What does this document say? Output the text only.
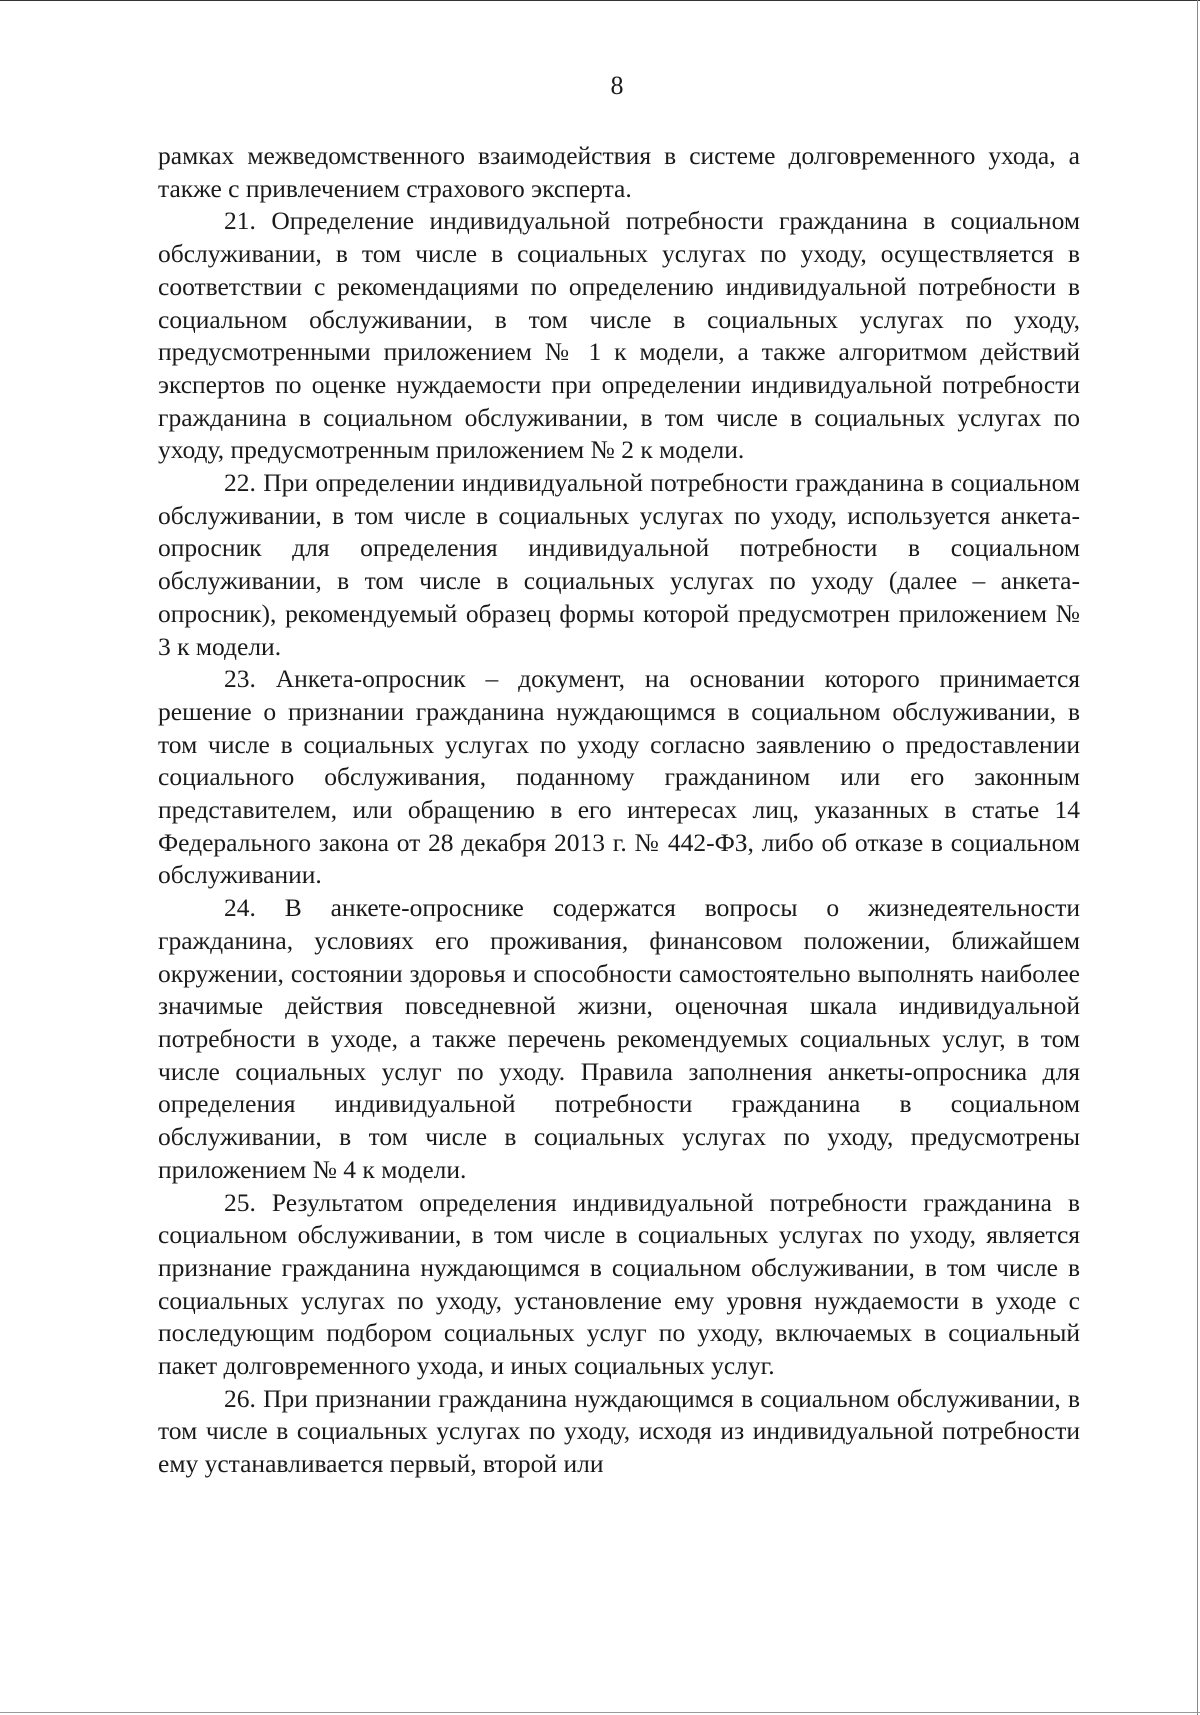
8

рамках межведомственного взаимодействия в системе долговременного ухода, а также с привлечением страхового эксперта.

21. Определение индивидуальной потребности гражданина в социальном обслуживании, в том числе в социальных услугах по уходу, осуществляется в соответствии с рекомендациями по определению индивидуальной потребности в социальном обслуживании, в том числе в социальных услугах по уходу, предусмотренными приложением № 1 к модели, а также алгоритмом действий экспертов по оценке нуждаемости при определении индивидуальной потребности гражданина в социальном обслуживании, в том числе в социальных услугах по уходу, предусмотренным приложением № 2 к модели.

22. При определении индивидуальной потребности гражданина в социальном обслуживании, в том числе в социальных услугах по уходу, используется анкета-опросник для определения индивидуальной потребности в социальном обслуживании, в том числе в социальных услугах по уходу (далее – анкета-опросник), рекомендуемый образец формы которой предусмотрен приложением № 3 к модели.

23. Анкета-опросник – документ, на основании которого принимается решение о признании гражданина нуждающимся в социальном обслуживании, в том числе в социальных услугах по уходу согласно заявлению о предоставлении социального обслуживания, поданному гражданином или его законным представителем, или обращению в его интересах лиц, указанных в статье 14 Федерального закона от 28 декабря 2013 г. № 442-ФЗ, либо об отказе в социальном обслуживании.

24. В анкете-опроснике содержатся вопросы о жизнедеятельности гражданина, условиях его проживания, финансовом положении, ближайшем окружении, состоянии здоровья и способности самостоятельно выполнять наиболее значимые действия повседневной жизни, оценочная шкала индивидуальной потребности в уходе, а также перечень рекомендуемых социальных услуг, в том числе социальных услуг по уходу. Правила заполнения анкеты-опросника для определения индивидуальной потребности гражданина в социальном обслуживании, в том числе в социальных услугах по уходу, предусмотрены приложением № 4 к модели.

25. Результатом определения индивидуальной потребности гражданина в социальном обслуживании, в том числе в социальных услугах по уходу, является признание гражданина нуждающимся в социальном обслуживании, в том числе в социальных услугах по уходу, установление ему уровня нуждаемости в уходе с последующим подбором социальных услуг по уходу, включаемых в социальный пакет долговременного ухода, и иных социальных услуг.

26. При признании гражданина нуждающимся в социальном обслуживании, в том числе в социальных услугах по уходу, исходя из индивидуальной потребности ему устанавливается первый, второй или
